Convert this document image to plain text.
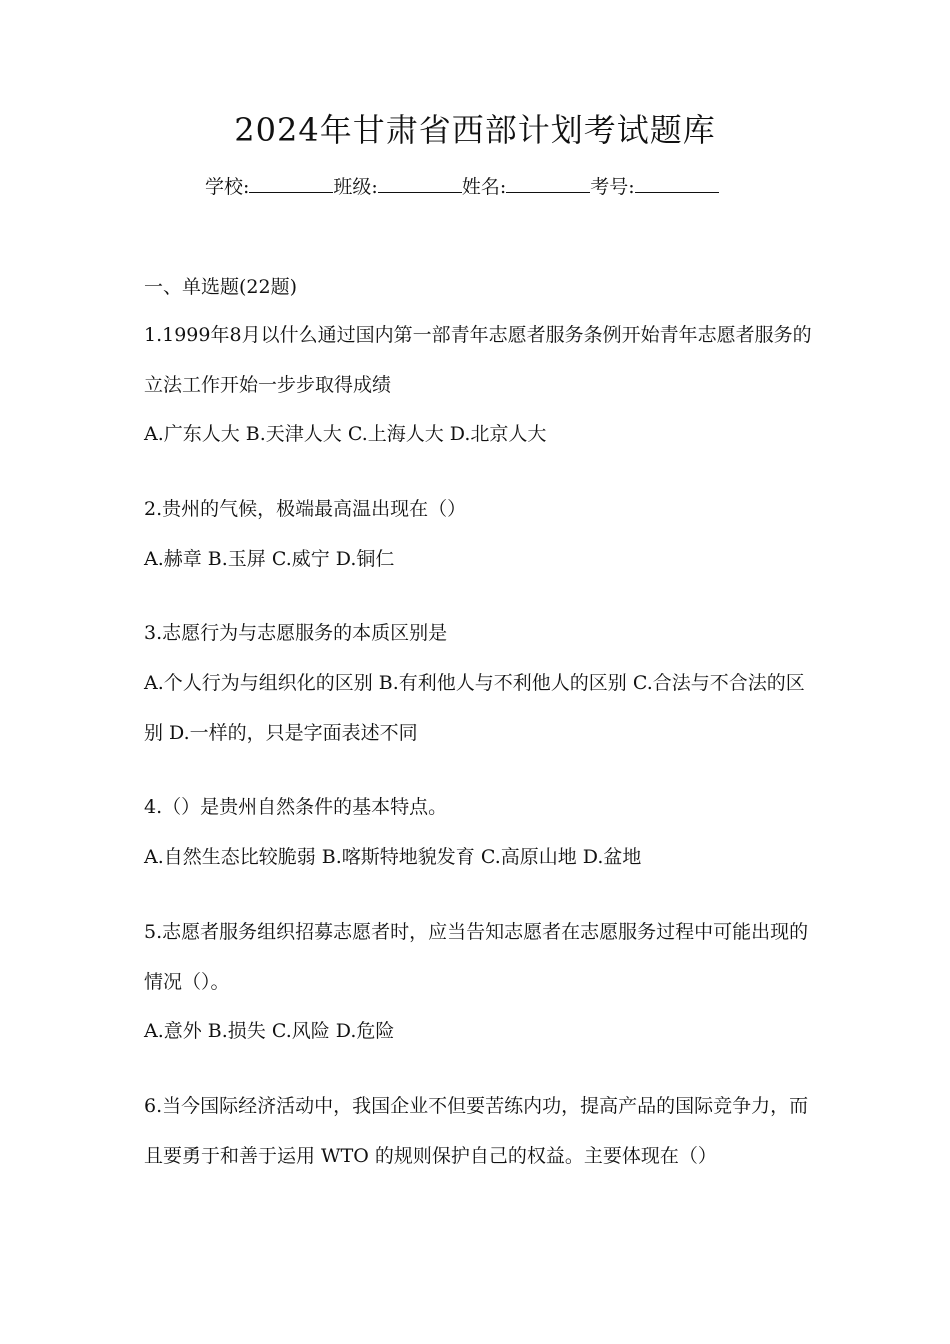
2024年甘肃省西部计划考试题库
学校:	班级:	姓名:	考号:
一、单选题(22题)
1.1999年8月以什么通过国内第一部青年志愿者服务条例开始青年志愿者服务的立法工作开始一步步取得成绩
A.广东人大 B.天津人大 C.上海人大 D.北京人大
2.贵州的气候，极端最高温出现在（）
A.赫章 B.玉屏 C.威宁 D.铜仁
3.志愿行为与志愿服务的本质区别是
A.个人行为与组织化的区别 B.有利他人与不利他人的区别 C.合法与不合法的区别 D.一样的，只是字面表述不同
4.（）是贵州自然条件的基本特点。
A.自然生态比较脆弱 B.喀斯特地貌发育 C.高原山地 D.盆地
5.志愿者服务组织招募志愿者时，应当告知志愿者在志愿服务过程中可能出现的情况（）。
A.意外 B.损失 C.风险 D.危险
6.当今国际经济活动中，我国企业不但要苦练内功，提高产品的国际竞争力，而且要勇于和善于运用 WTO 的规则保护自己的权益。主要体现在（）
